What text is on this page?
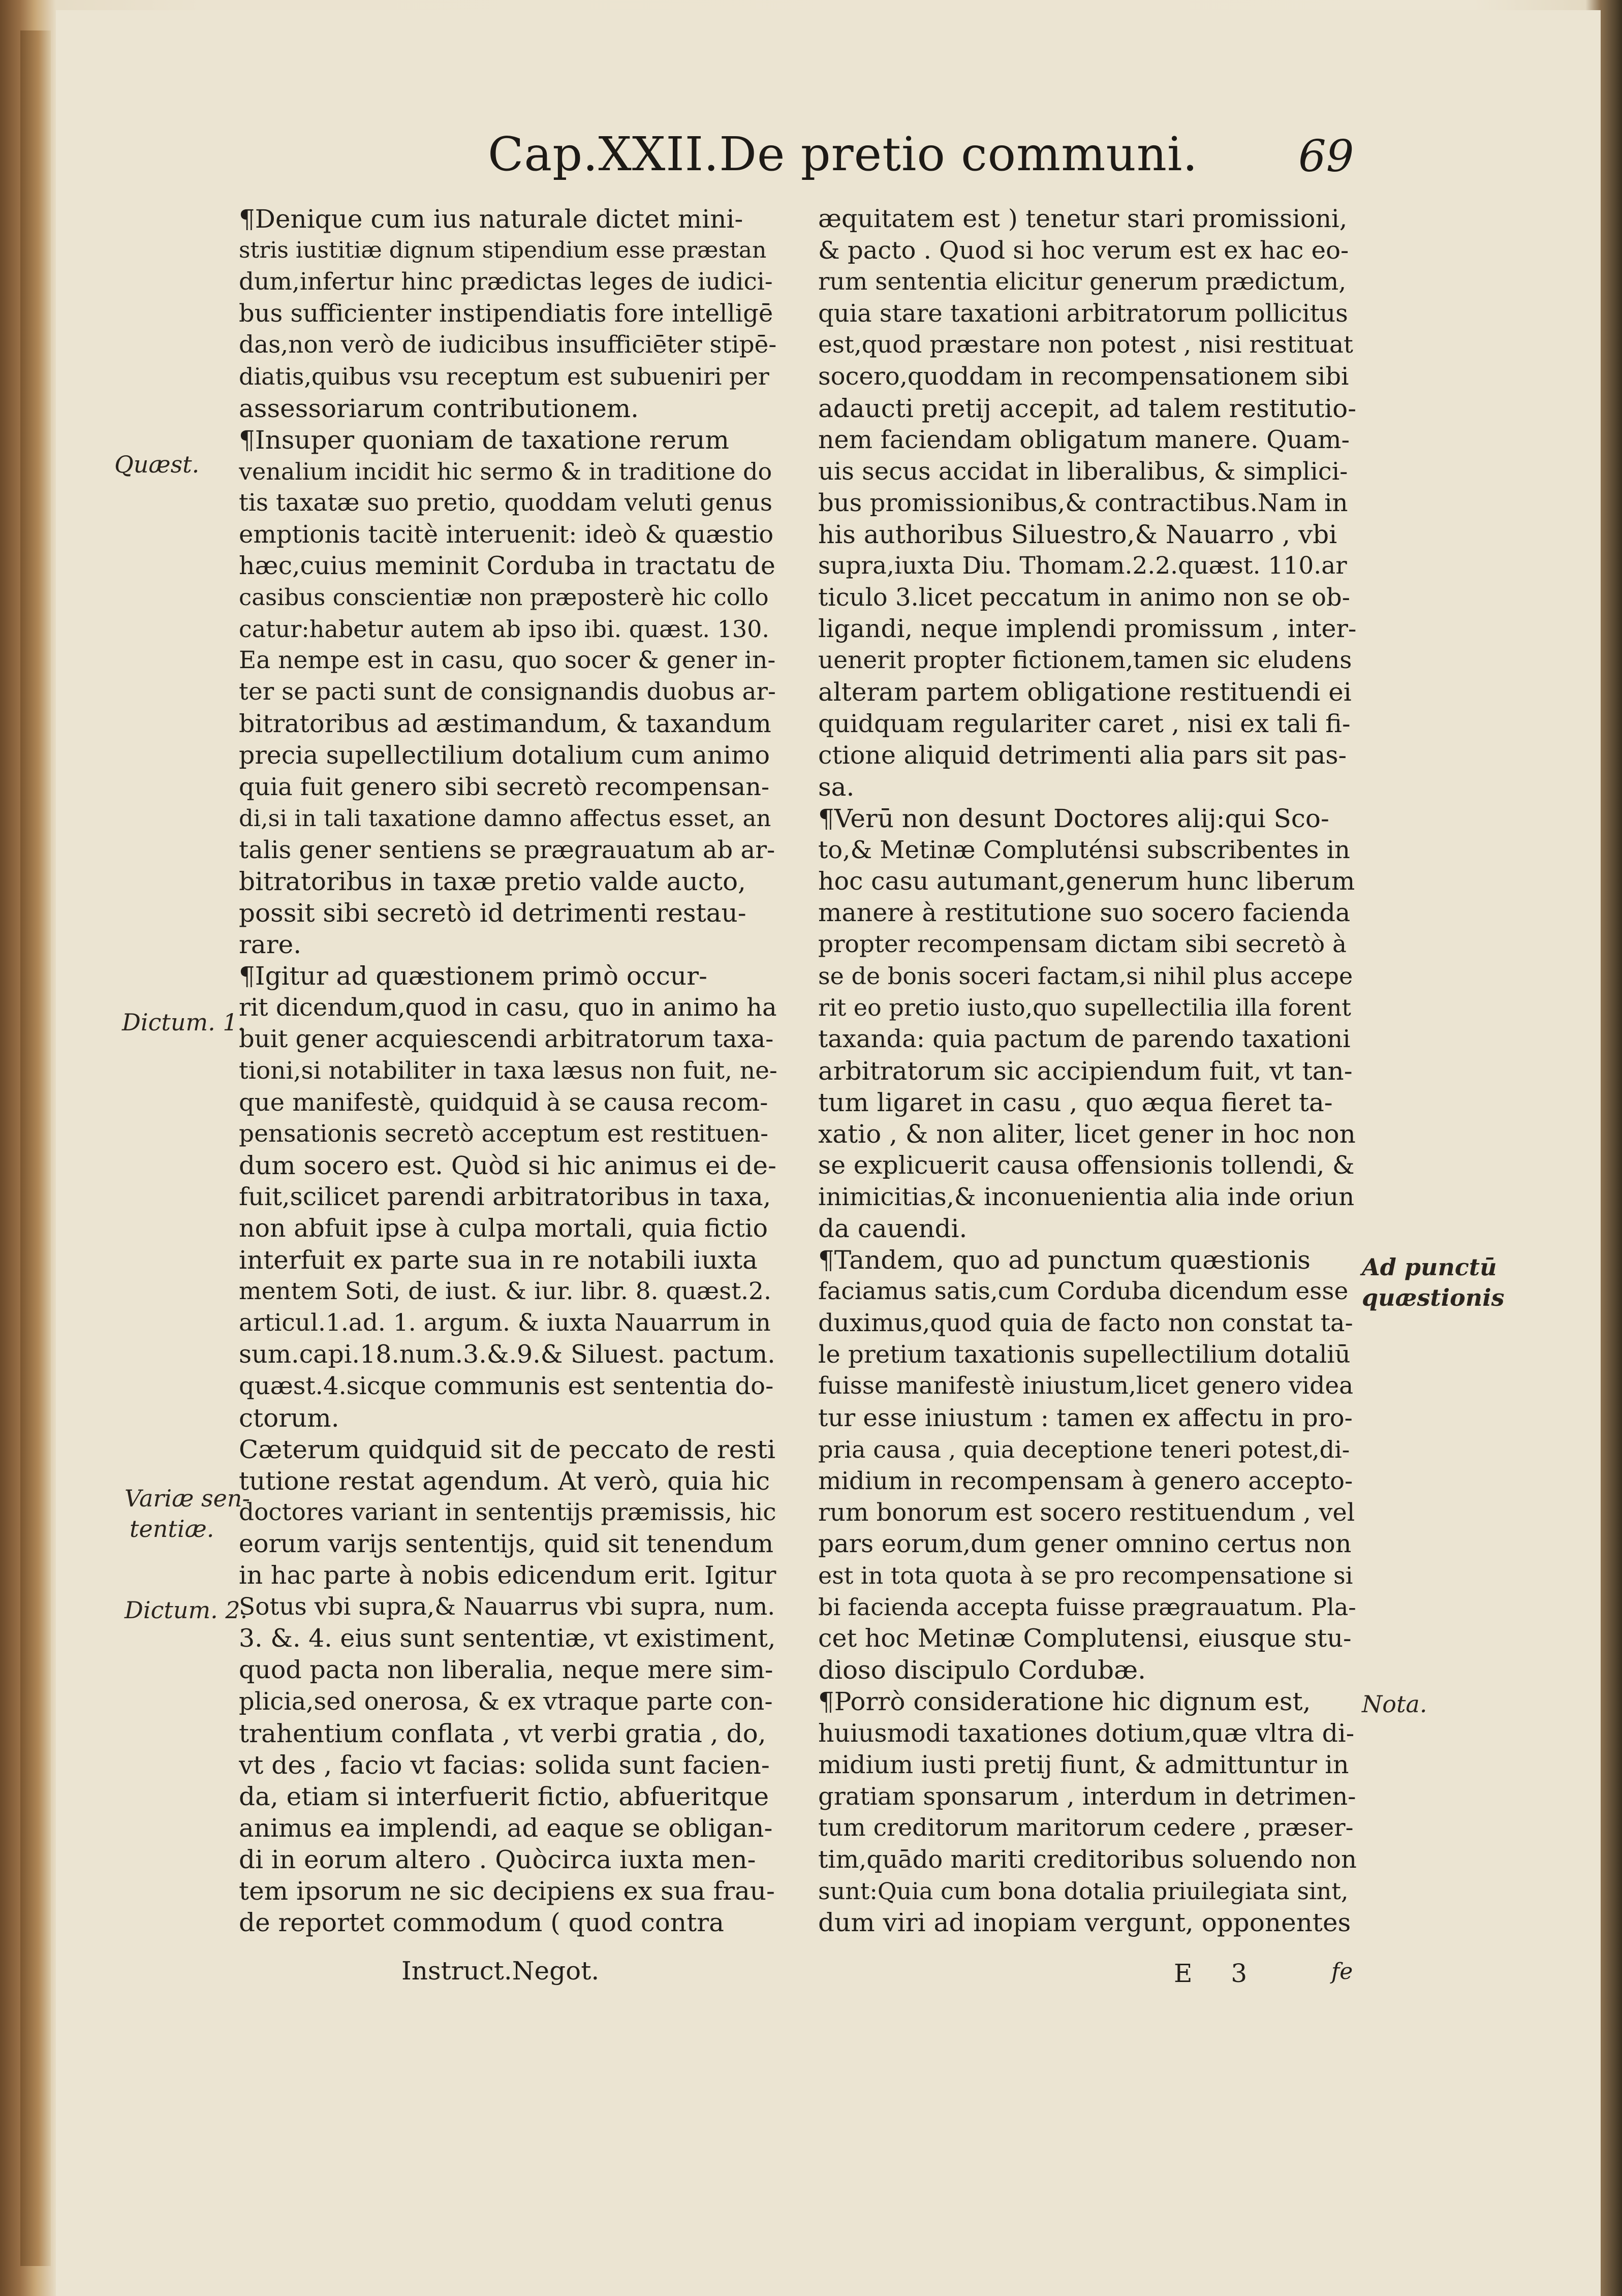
Cap.XXII.De pretio communi. 69
¶Denique cum ius naturale dictet mini-
stris iustitiæ dignum stipendium esse præstan
dum,infertur hinc prædictas leges de iudici-
bus sufficienter instipendiatis fore intelligē
das,non verò de iudicibus insufficiēter stipē-
diatis,quibus vsu receptum est subueniri per
assessoriarum contributionem.
¶Insuper quoniam de taxatione rerum
venalium incidit hic sermo & in traditione do
tis taxatæ suo pretio, quoddam veluti genus
emptionis tacitè interuenit: ideò & quæstio
hæc,cuius meminit Corduba in tractatu de
casibus conscientiæ non præposterè hic collo
catur:habetur autem ab ipso ibi. quæst. 130.
Ea nempe est in casu, quo socer & gener in-
ter se pacti sunt de consignandis duobus ar-
bitratoribus ad æstimandum, & taxandum
precia supellectilium dotalium cum animo
quia fuit genero sibi secretò recompensan-
di,si in tali taxatione damno affectus esset, an
talis gener sentiens se prægrauatum ab ar-
bitratoribus in taxæ pretio valde aucto,
possit sibi secretò id detrimenti restau-
rare.
¶Igitur ad quæstionem primò occur-
rit dicendum,quod in casu, quo in animo ha
buit gener acquiescendi arbitratorum taxa-
tioni,si notabiliter in taxa læsus non fuit, ne-
que manifestè, quidquid à se causa recom-
pensationis secretò acceptum est restituen-
dum socero est. Quòd si hic animus ei de-
fuit,scilicet parendi arbitratoribus in taxa,
non abfuit ipse à culpa mortali, quia fictio
interfuit ex parte sua in re notabili iuxta
mentem Soti, de iust. & iur. libr. 8. quæst.2.
articul.1.ad. 1. argum. & iuxta Nauarrum in
sum.capi.18.num.3.&.9.& Siluest. pactum.
quæst.4.sicque communis est sententia do-
ctorum.
Cæterum quidquid sit de peccato de resti
tutione restat agendum. At verò, quia hic
doctores variant in sententijs præmissis, hic
eorum varijs sententijs, quid sit tenendum
in hac parte à nobis edicendum erit. Igitur
Sotus vbi supra,& Nauarrus vbi supra, num.
3. &. 4. eius sunt sententiæ, vt existiment,
quod pacta non liberalia, neque mere sim-
plicia,sed onerosa, & ex vtraque parte con-
trahentium conflata , vt verbi gratia , do,
vt des , facio vt facias: solida sunt facien-
da, etiam si interfuerit fictio, abfueritque
animus ea implendi, ad eaque se obligan-
di in eorum altero . Quòcirca iuxta men-
tem ipsorum ne sic decipiens ex sua frau-
de reportet commodum ( quod contra
æquitatem est ) tenetur stari promissioni,
& pacto . Quod si hoc verum est ex hac eo-
rum sententia elicitur generum prædictum,
quia stare taxationi arbitratorum pollicitus
est,quod præstare non potest , nisi restituat
socero,quoddam in recompensationem sibi
adaucti pretij accepit, ad talem restitutio-
nem faciendam obligatum manere. Quam-
uis secus accidat in liberalibus, & simplici-
bus promissionibus,& contractibus.Nam in
his authoribus Siluestro,& Nauarro , vbi
supra,iuxta Diu. Thomam.2.2.quæst. 110.ar
ticulo 3.licet peccatum in animo non se ob-
ligandi, neque implendi promissum , inter-
uenerit propter fictionem,tamen sic eludens
alteram partem obligatione restituendi ei
quidquam regulariter caret , nisi ex tali fi-
ctione aliquid detrimenti alia pars sit pas-
sa.
¶Verū non desunt Doctores alij:qui Sco-
to,& Metinæ Compluténsi subscribentes in
hoc casu autumant,generum hunc liberum
manere à restitutione suo socero facienda
propter recompensam dictam sibi secretò à
se de bonis soceri factam,si nihil plus accepe
rit eo pretio iusto,quo supellectilia illa forent
taxanda: quia pactum de parendo taxationi
arbitratorum sic accipiendum fuit, vt tan-
tum ligaret in casu , quo æqua fieret ta-
xatio , & non aliter, licet gener in hoc non
se explicuerit causa offensionis tollendi, &
inimicitias,& inconuenientia alia inde oriun
da cauendi.
¶Tandem, quo ad punctum quæstionis
faciamus satis,cum Corduba dicendum esse
duximus,quod quia de facto non constat ta-
le pretium taxationis supellectilium dotaliū
fuisse manifestè iniustum,licet genero videa
tur esse iniustum : tamen ex affectu in pro-
pria causa , quia deceptione teneri potest,di-
midium in recompensam à genero accepto-
rum bonorum est socero restituendum , vel
pars eorum,dum gener omnino certus non
est in tota quota à se pro recompensatione si
bi facienda accepta fuisse prægrauatum. Pla-
cet hoc Metinæ Complutensi, eiusque stu-
dioso discipulo Cordubæ.
¶Porrò consideratione hic dignum est,
huiusmodi taxationes dotium,quæ vltra di-
midium iusti pretij fiunt, & admittuntur in
gratiam sponsarum , interdum in detrimen-
tum creditorum maritorum cedere , præser-
tim,quādo mariti creditoribus soluendo non
sunt:Quia cum bona dotalia priuilegiata sint,
dum viri ad inopiam vergunt, opponentes
Quæst.
Dictum. 1.
Variæ sen-
tentiæ.
Dictum. 2.
Ad punctū
quæstionis
Nota.
Instruct.Negot.	E 3	fe
